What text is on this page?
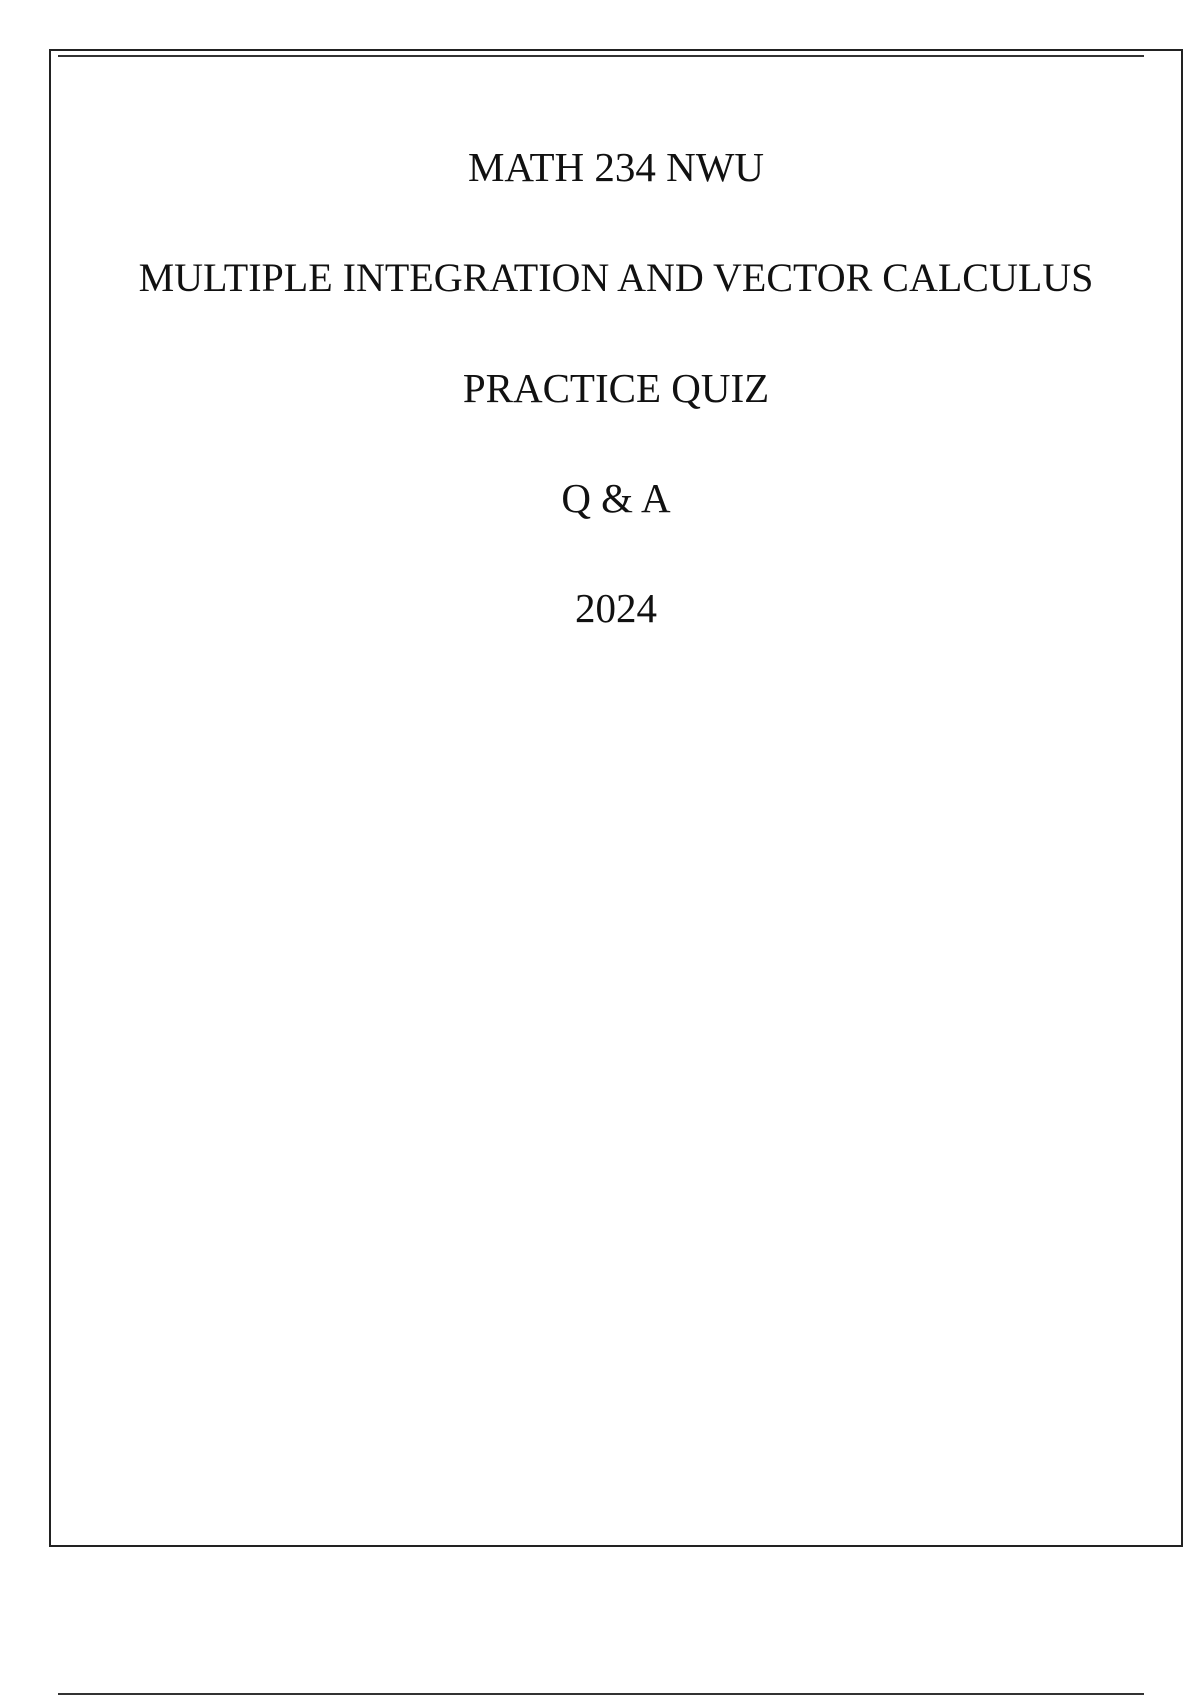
MATH 234 NWU
MULTIPLE INTEGRATION AND VECTOR CALCULUS
PRACTICE QUIZ
Q & A
2024
